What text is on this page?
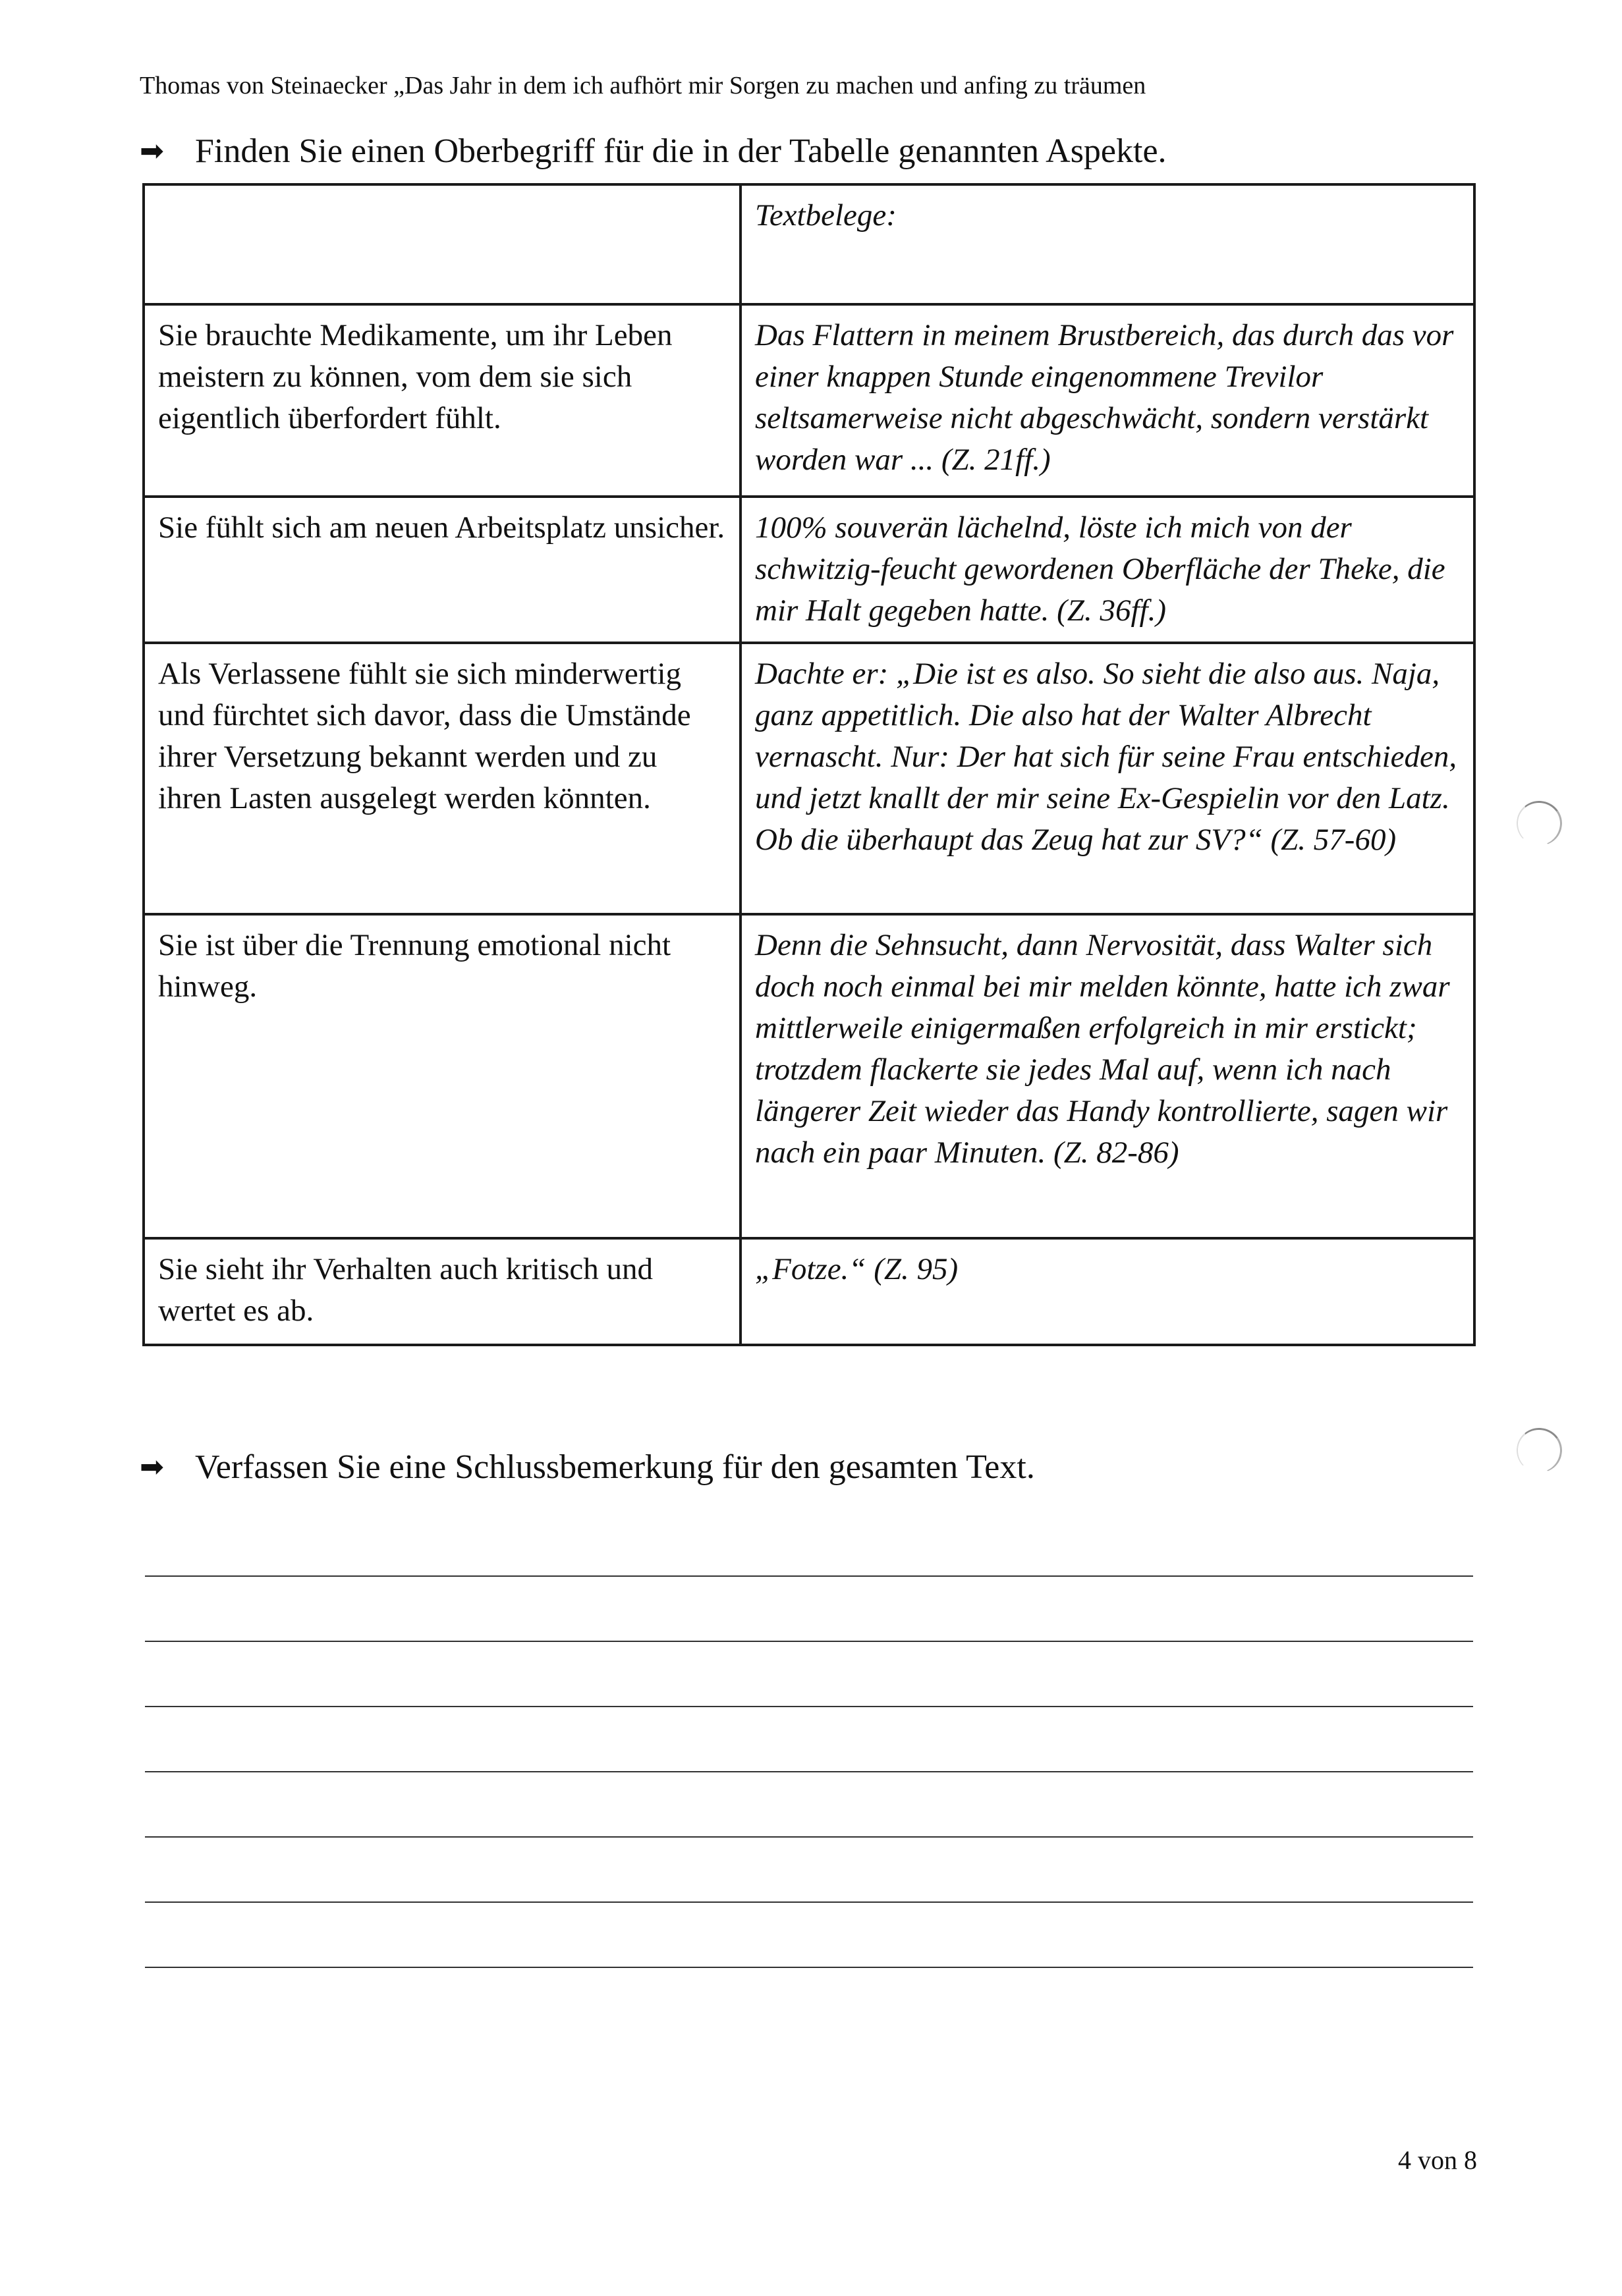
Thomas von Steinaecker „Das Jahr in dem ich aufhört mir Sorgen zu machen und anfing zu träumen
➡ Finden Sie einen Oberbegriff für die in der Tabelle genannten Aspekte.
	Textbelege:
Sie brauchte Medikamente, um ihr Leben meistern zu können, vom dem sie sich eigentlich überfordert fühlt.	Das Flattern in meinem Brustbereich, das durch das vor einer knappen Stunde eingenommene Trevilor seltsamerweise nicht abgeschwächt, sondern verstärkt worden war ... (Z. 21ff.)
Sie fühlt sich am neuen Arbeitsplatz unsicher.	100% souverän lächelnd, löste ich mich von der schwitzig-feucht gewordenen Oberfläche der Theke, die mir Halt gegeben hatte. (Z. 36ff.)
Als Verlassene fühlt sie sich minderwertig und fürchtet sich davor, dass die Umstände ihrer Versetzung bekannt werden und zu ihren Lasten ausgelegt werden könnten.	Dachte er: „Die ist es also. So sieht die also aus. Naja, ganz appetitlich. Die also hat der Walter Albrecht vernascht. Nur: Der hat sich für seine Frau entschieden, und jetzt knallt der mir seine Ex-Gespielin vor den Latz. Ob die überhaupt das Zeug hat zur SV?“ (Z. 57-60)
Sie ist über die Trennung emotional nicht hinweg.	Denn die Sehnsucht, dann Nervosität, dass Walter sich doch noch einmal bei mir melden könnte, hatte ich zwar mittlerweile einigermaßen erfolgreich in mir erstickt; trotzdem flackerte sie jedes Mal auf, wenn ich nach längerer Zeit wieder das Handy kontrollierte, sagen wir nach ein paar Minuten. (Z. 82-86)
Sie sieht ihr Verhalten auch kritisch und wertet es ab.	„Fotze.“ (Z. 95)
➡ Verfassen Sie eine Schlussbemerkung für den gesamten Text.
4 von 8
